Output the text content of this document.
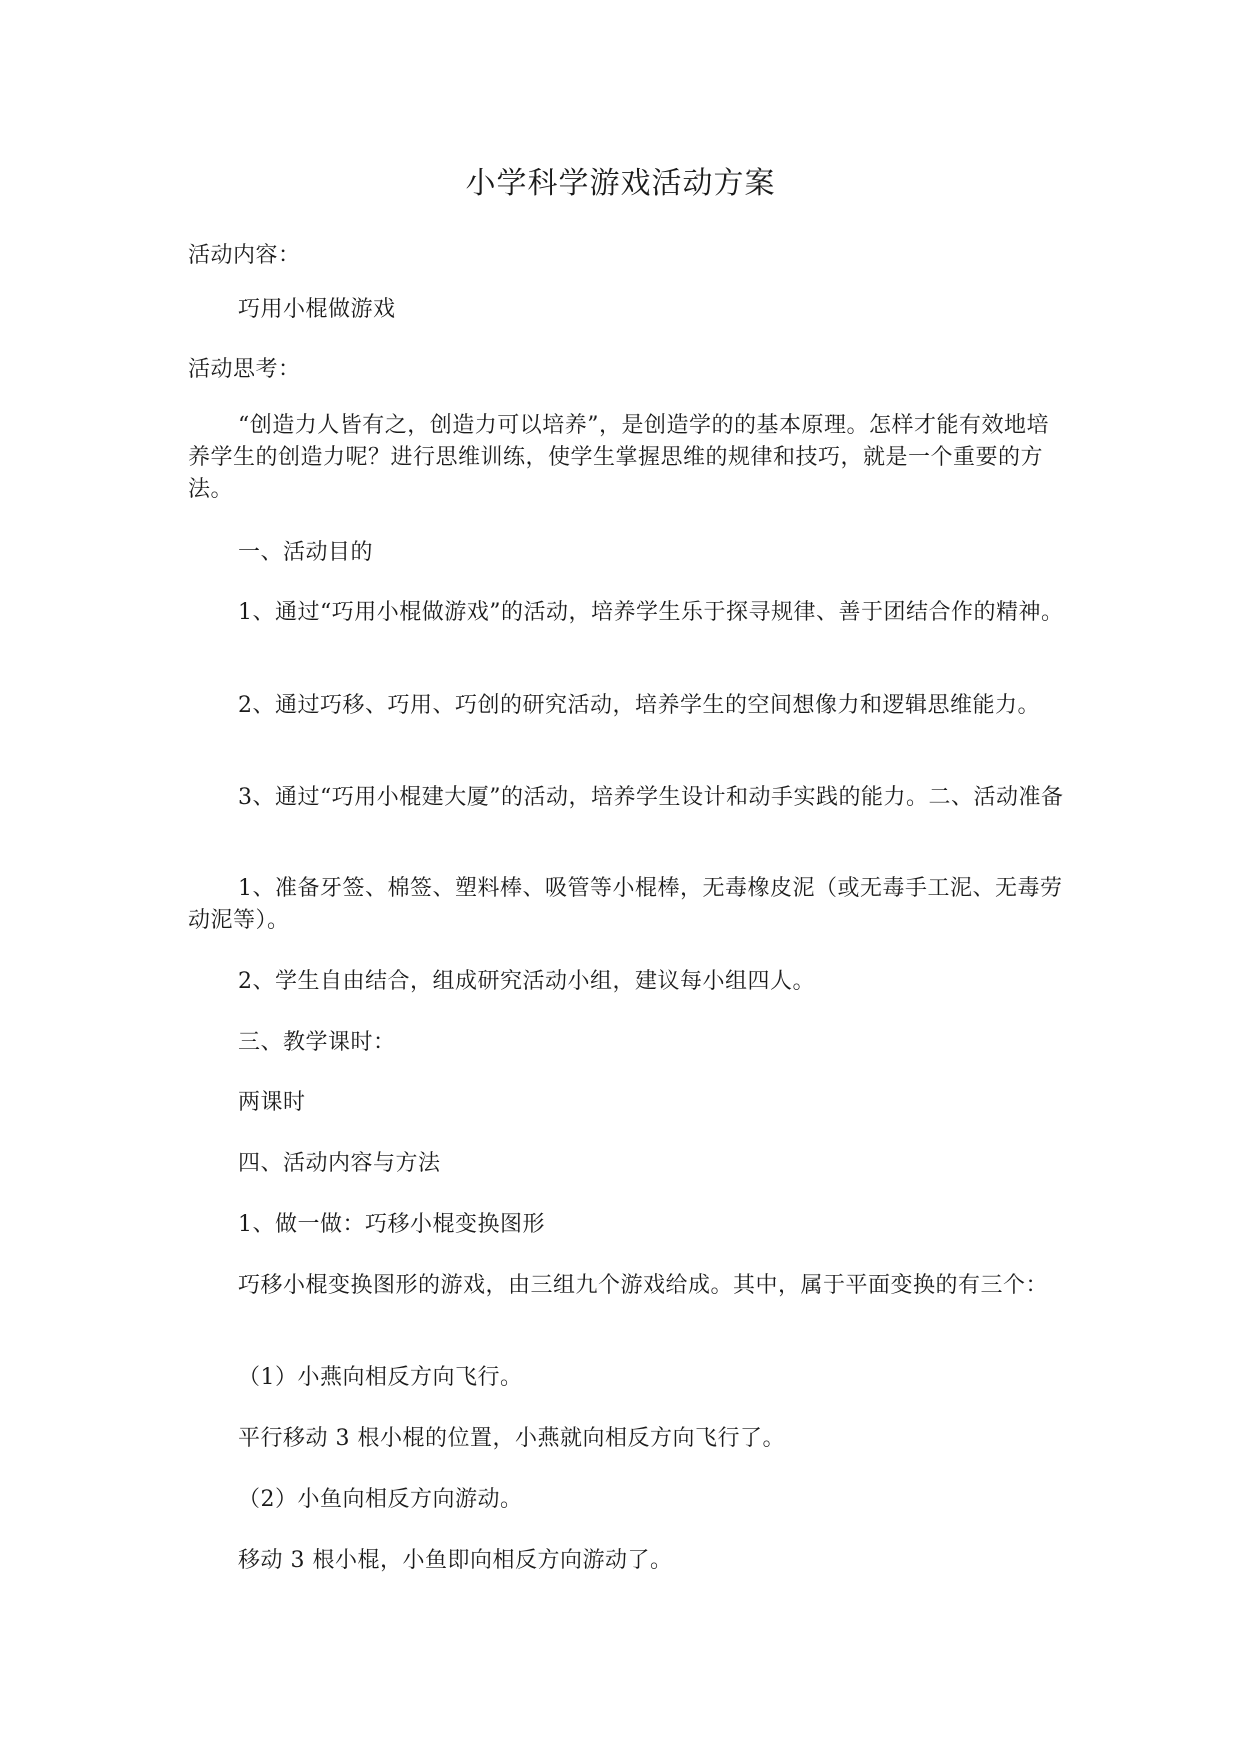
小学科学游戏活动方案

活动内容：

巧用小棍做游戏

活动思考：

“创造力人皆有之，创造力可以培养”，是创造学的的基本原理。怎样才能有效地培养学生的创造力呢？进行思维训练，使学生掌握思维的规律和技巧，就是一个重要的方法。

一、活动目的

1、通过“巧用小棍做游戏”的活动，培养学生乐于探寻规律、善于团结合作的精神。

2、通过巧移、巧用、巧创的研究活动，培养学生的空间想像力和逻辑思维能力。

3、通过“巧用小棍建大厦”的活动，培养学生设计和动手实践的能力。二、活动准备

1、准备牙签、棉签、塑料棒、吸管等小棍棒，无毒橡皮泥（或无毒手工泥、无毒劳动泥等）。

2、学生自由结合，组成研究活动小组，建议每小组四人。

三、教学课时：

两课时

四、活动内容与方法

1、做一做：巧移小棍变换图形

巧移小棍变换图形的游戏，由三组九个游戏给成。其中，属于平面变换的有三个：

（1）小燕向相反方向飞行。

平行移动 3 根小棍的位置，小燕就向相反方向飞行了。

（2）小鱼向相反方向游动。

移动 3 根小棍，小鱼即向相反方向游动了。
